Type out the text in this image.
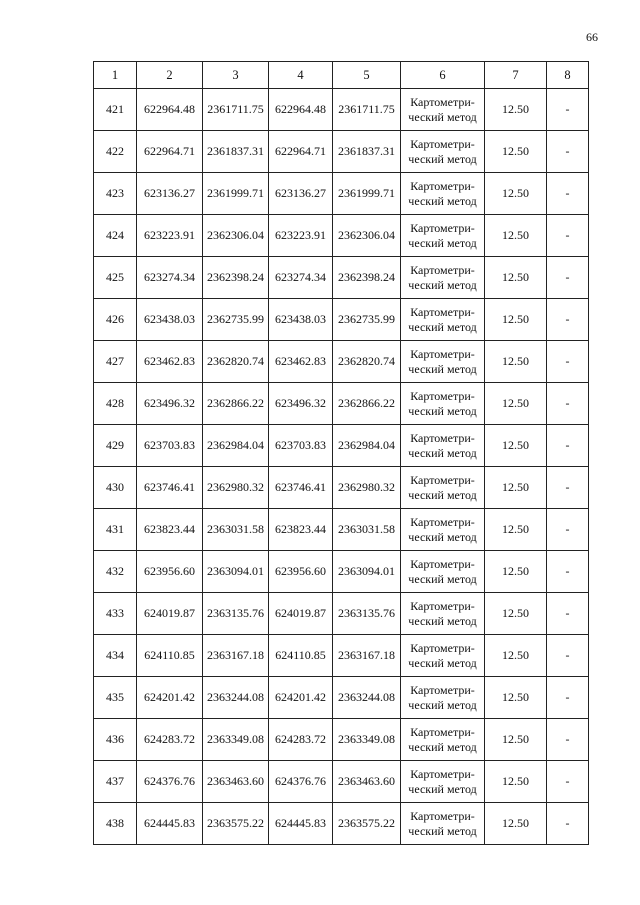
66
1	2	3	4	5	6	7	8
421	622964.48	2361711.75	622964.48	2361711.75	Картометри-
ческий метод	12.50	-
422	622964.71	2361837.31	622964.71	2361837.31	Картометри-
ческий метод	12.50	-
423	623136.27	2361999.71	623136.27	2361999.71	Картометри-
ческий метод	12.50	-
424	623223.91	2362306.04	623223.91	2362306.04	Картометри-
ческий метод	12.50	-
425	623274.34	2362398.24	623274.34	2362398.24	Картометри-
ческий метод	12.50	-
426	623438.03	2362735.99	623438.03	2362735.99	Картометри-
ческий метод	12.50	-
427	623462.83	2362820.74	623462.83	2362820.74	Картометри-
ческий метод	12.50	-
428	623496.32	2362866.22	623496.32	2362866.22	Картометри-
ческий метод	12.50	-
429	623703.83	2362984.04	623703.83	2362984.04	Картометри-
ческий метод	12.50	-
430	623746.41	2362980.32	623746.41	2362980.32	Картометри-
ческий метод	12.50	-
431	623823.44	2363031.58	623823.44	2363031.58	Картометри-
ческий метод	12.50	-
432	623956.60	2363094.01	623956.60	2363094.01	Картометри-
ческий метод	12.50	-
433	624019.87	2363135.76	624019.87	2363135.76	Картометри-
ческий метод	12.50	-
434	624110.85	2363167.18	624110.85	2363167.18	Картометри-
ческий метод	12.50	-
435	624201.42	2363244.08	624201.42	2363244.08	Картометри-
ческий метод	12.50	-
436	624283.72	2363349.08	624283.72	2363349.08	Картометри-
ческий метод	12.50	-
437	624376.76	2363463.60	624376.76	2363463.60	Картометри-
ческий метод	12.50	-
438	624445.83	2363575.22	624445.83	2363575.22	Картометри-
ческий метод	12.50	-
